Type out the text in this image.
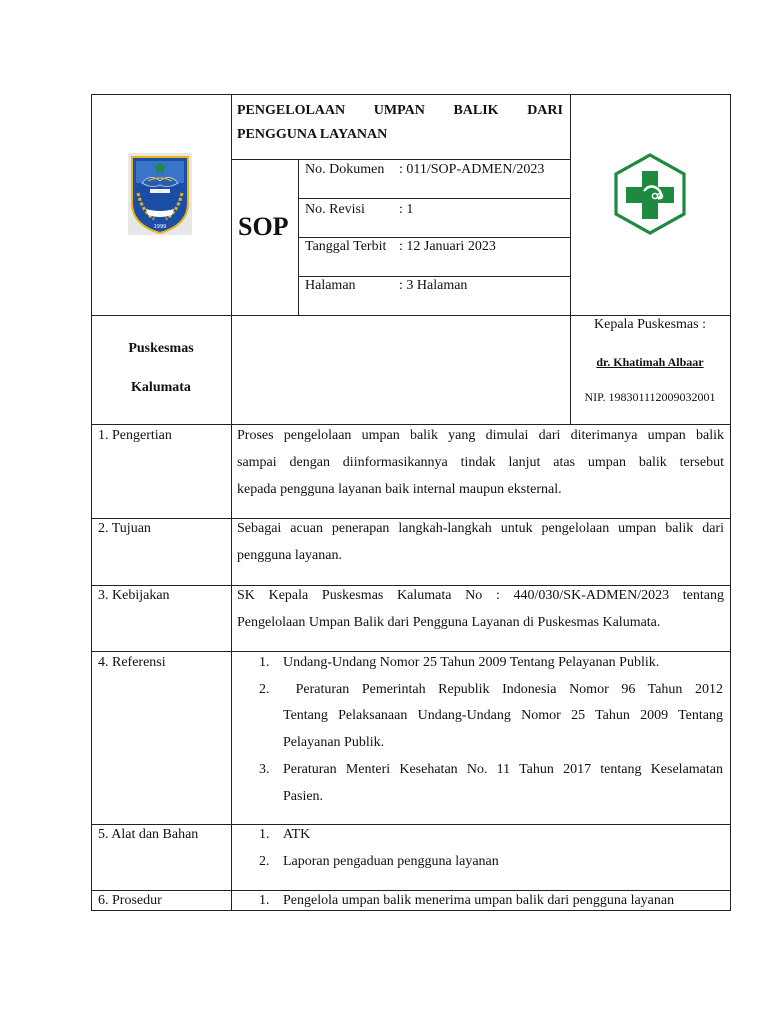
1999
PENGELOLAAN UMPAN BALIK DARI
PENGGUNA LAYANAN
SOP
No. Dokumen : 011/SOP-ADMEN/2023
No. Revisi : 1
Tanggal Terbit : 12 Januari 2023
Halaman	: 3 Halaman
Puskesmas
Kalumata
Kepala Puskesmas :
dr. Khatimah Albaar
NIP. 198301112009032001
1. Pengertian	Proses pengelolaan umpan balik yang dimulai dari diterimanya umpan balik
sampai dengan diinformasikannya tindak lanjut atas umpan balik tersebut
kepada pengguna layanan baik internal maupun eksternal.
2. Tujuan	Sebagai acuan penerapan langkah-langkah untuk pengelolaan umpan balik dari
pengguna layanan.
3. Kebijakan	SK Kepala Puskesmas Kalumata No : 440/030/SK-ADMEN/2023 tentang
Pengelolaan Umpan Balik dari Pengguna Layanan di Puskesmas Kalumata.
4. Referensi	1. Undang-Undang Nomor 25 Tahun 2009 Tentang Pelayanan Publik.
2. Peraturan Pemerintah Republik Indonesia Nomor 96 Tahun 2012
Tentang Pelaksanaan Undang-Undang Nomor 25 Tahun 2009 Tentang
Pelayanan Publik.
3. Peraturan Menteri Kesehatan No. 11 Tahun 2017 tentang Keselamatan
Pasien.
5. Alat dan Bahan	1. ATK
2. Laporan pengaduan pengguna layanan
6. Prosedur	1. Pengelola umpan balik menerima umpan balik dari pengguna layanan
